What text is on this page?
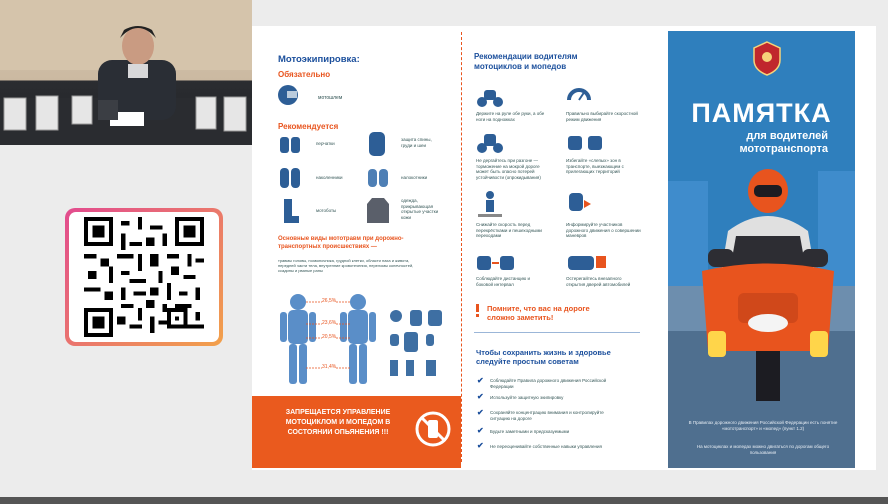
Мотоэкипировка:
Обязательно
мотошлем
Рекомендуется
перчатки
защита спины, груди и шеи
наколенники	налокотники
мотоботы
одежда, прикрывающая открытые участки кожи
Основные виды мототравм при дорожно-транспортных происшествиях —
травмы головы, позвоночника, грудной клетки, области паха и живота, передней части тела, внутренние кровотечения, переломы конечностей, ссадины и рваные раны
26,5%
23,6%
20,5%
31,4%
ЗАПРЕЩАЕТСЯ УПРАВЛЕНИЕ МОТОЦИКЛОМ И МОПЕДОМ В СОСТОЯНИИ ОПЬЯНЕНИЯ !!!
Рекомендации водителям мотоциклов и мопедов
Держите на руле обе руки, а обе ноги на подножках
Правильно выбирайте скоростной режим движения
Не дергайтесь при разгоне — торможение на мокрой дороге может быть опасно потерей устойчивости (опрокидывания)
Избегайте «слепых» зон в транспорте, выезжающем с прилегающих территорий
Снижайте скорость перед перекрёстками и пешеходными переходами
Информируйте участников дорожного движения о совершении маневров
Соблюдайте дистанцию и боковой интервал
Остерегайтесь внезапного открытия дверей автомобилей
Помните, что вас на дороге сложно заметить!
Чтобы сохранить жизнь и здоровье следуйте простым советам
✔ Соблюдайте Правила дорожного движения Российской Федерации
✔ Используйте защитную экипировку
✔ Сохраняйте концентрацию внимания и контролируйте ситуацию на дороге
✔ Будьте заметными и предсказуемыми
✔ Не переоценивайте собственные навыки управления
ПАМЯТКА
для водителей мототранспорта
В Правилах дорожного движения Российской Федерации есть понятие «мототранспорт» и «мопед» (пункт 1.2)
На мотоциклах и мопедах можно двигаться по дорогам общего пользования
